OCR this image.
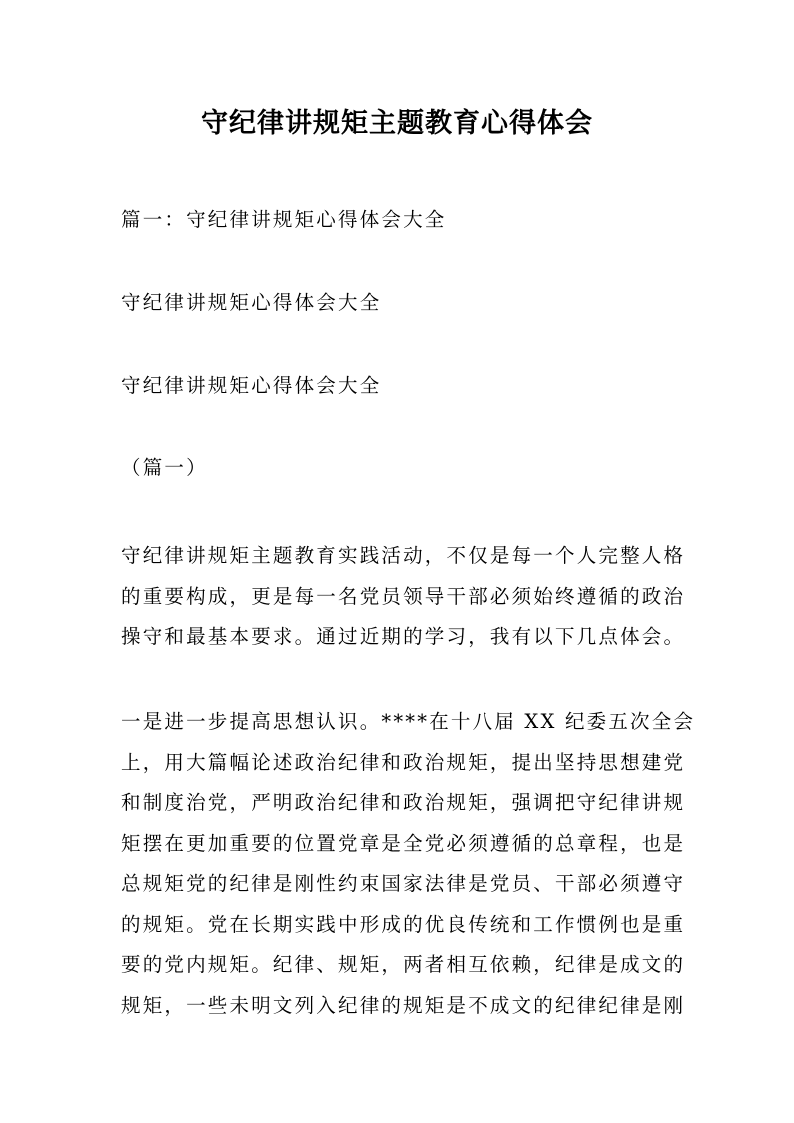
守纪律讲规矩主题教育心得体会
篇一：守纪律讲规矩心得体会大全
守纪律讲规矩心得体会大全
守纪律讲规矩心得体会大全
（篇一）
守纪律讲规矩主题教育实践活动，不仅是每一个人完整人格
的重要构成，更是每一名党员领导干部必须始终遵循的政治
操守和最基本要求。通过近期的学习，我有以下几点体会。
一是进一步提高思想认识。****在十八届 XX 纪委五次全会
上，用大篇幅论述政治纪律和政治规矩，提出坚持思想建党
和制度治党，严明政治纪律和政治规矩，强调把守纪律讲规
矩摆在更加重要的位置党章是全党必须遵循的总章程，也是
总规矩党的纪律是刚性约束国家法律是党员、干部必须遵守
的规矩。党在长期实践中形成的优良传统和工作惯例也是重
要的党内规矩。纪律、规矩，两者相互依赖，纪律是成文的
规矩，一些未明文列入纪律的规矩是不成文的纪律纪律是刚
